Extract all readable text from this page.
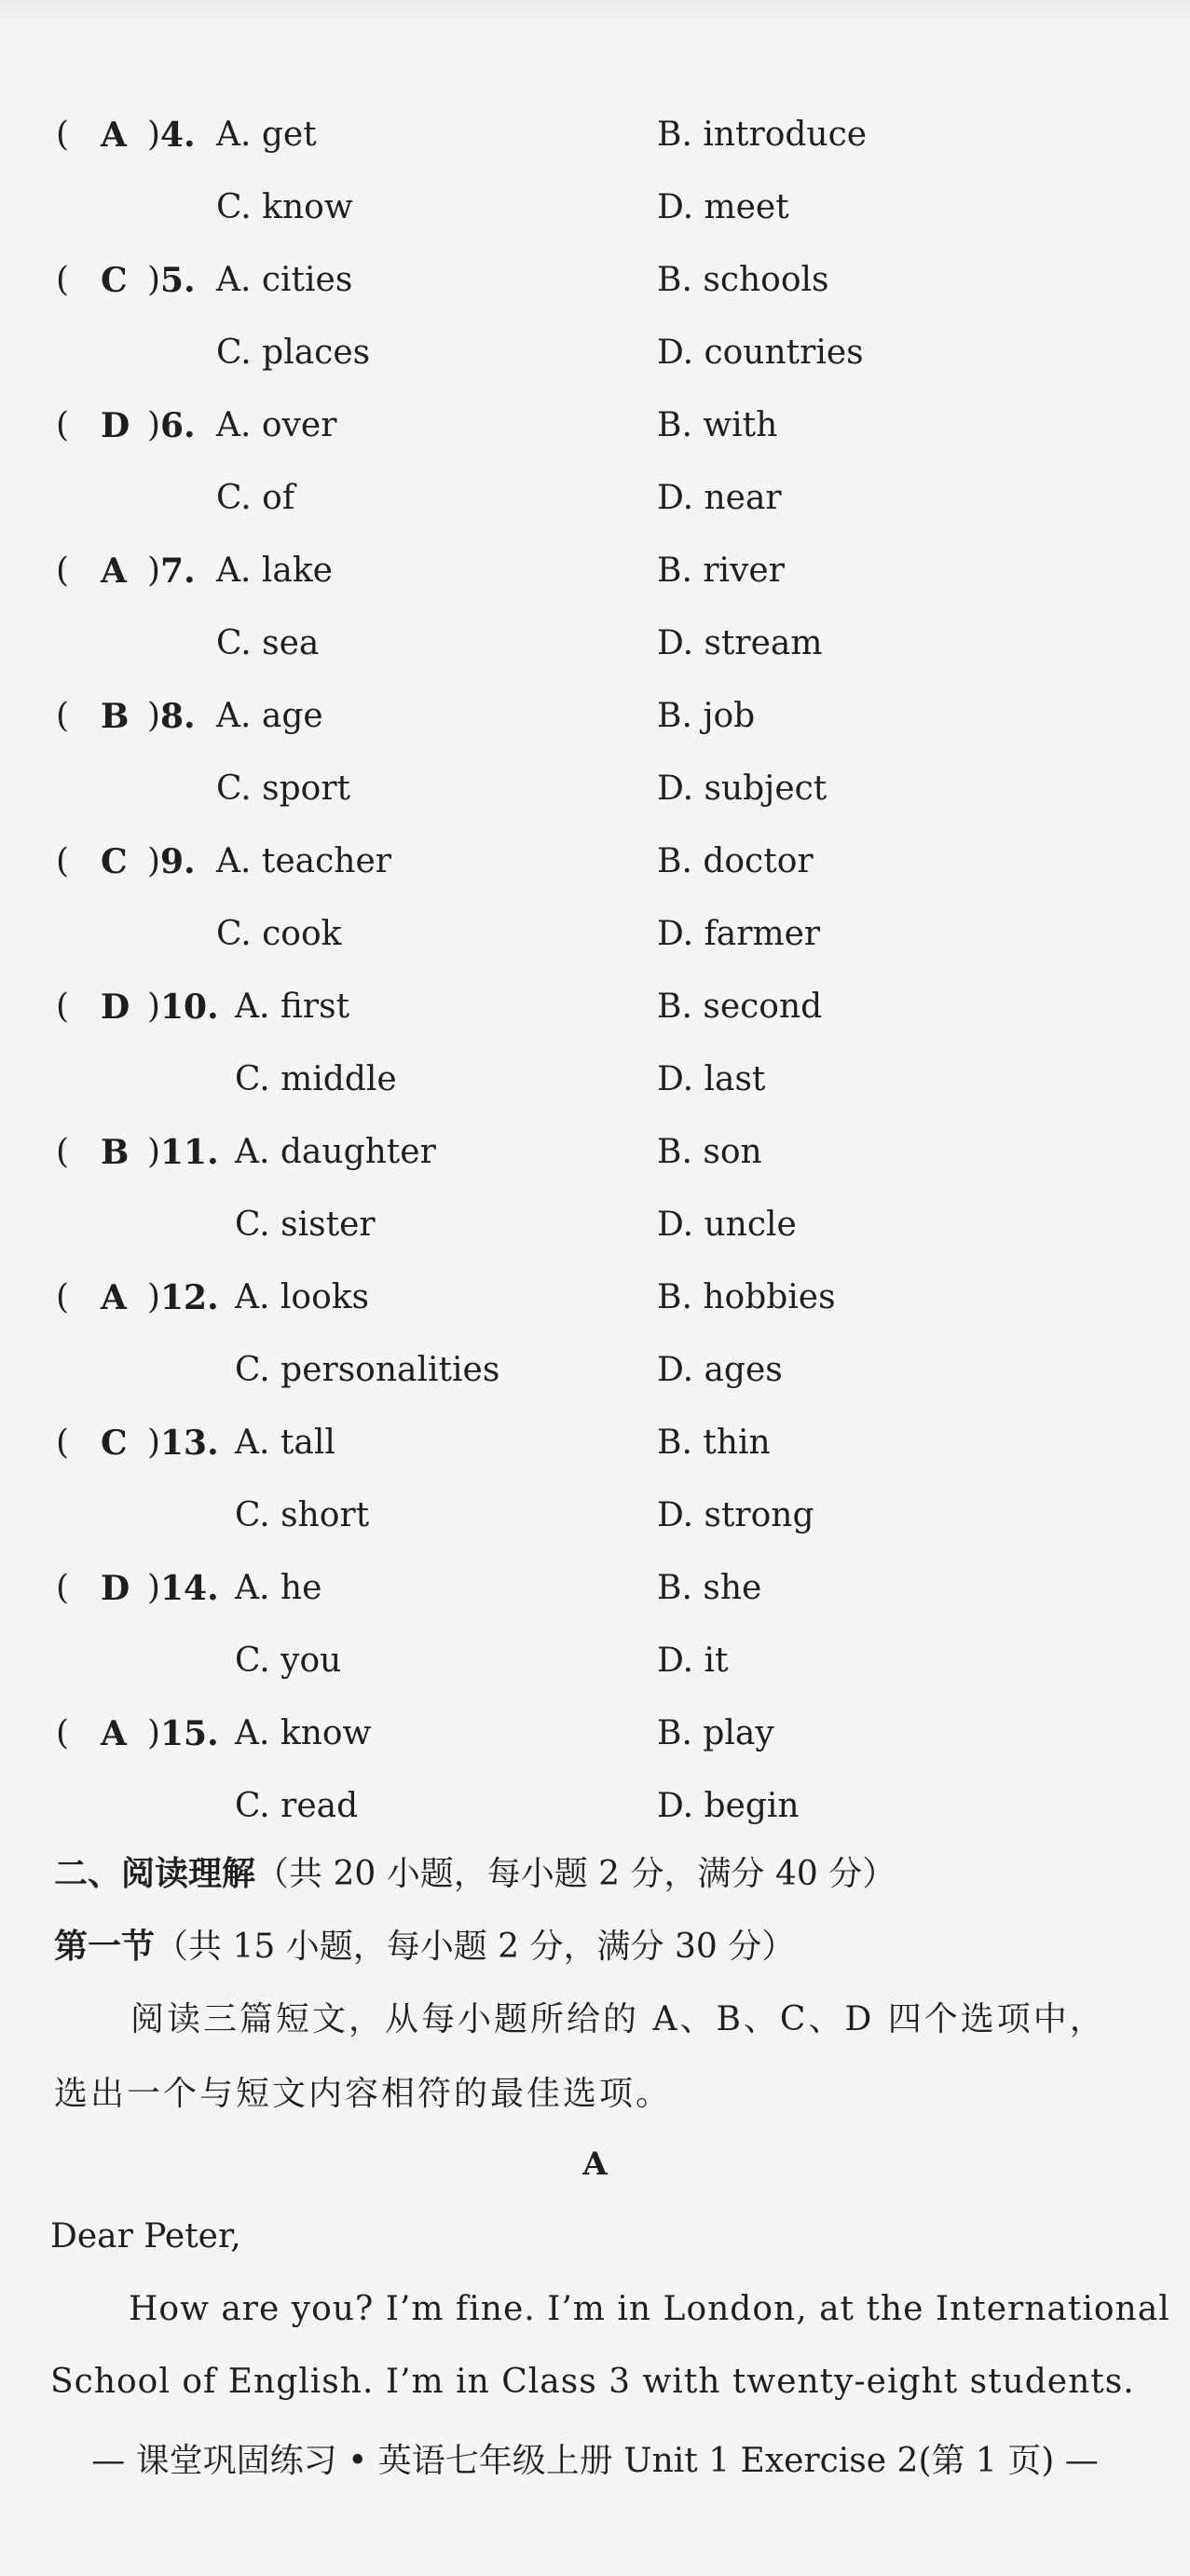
( A ) 4. A. get	B. introduce
C. know	D. meet
( C ) 5. A. cities	B. schools
C. places	D. countries
( D ) 6. A. over	B. with
C. of	D. near
( A ) 7. A. lake	B. river
C. sea	D. stream
( B ) 8. A. age	B. job
C. sport	D. subject
( C ) 9. A. teacher	B. doctor
C. cook	D. farmer
( D ) 10. A. first	B. second
C. middle	D. last
( B ) 11. A. daughter	B. son
C. sister	D. uncle
( A ) 12. A. looks	B. hobbies
C. personalities	D. ages
( C ) 13. A. tall	B. thin
C. short	D. strong
( D ) 14. A. he	B. she
C. you	D. it
( A ) 15. A. know	B. play
C. read	D. begin
二、阅读理解（共 20 小题，每小题 2 分，满分 40 分）
第一节（共 15 小题，每小题 2 分，满分 30 分）
阅读三篇短文，从每小题所给的 A、B、C、D 四个选项中，
选出一个与短文内容相符的最佳选项。
A
Dear Peter,
How are you? I’m fine. I’m in London, at the International
School of English. I’m in Class 3 with twenty-eight students.
— 课堂巩固练习 • 英语七年级上册 Unit 1 Exercise 2(第 1 页) —
